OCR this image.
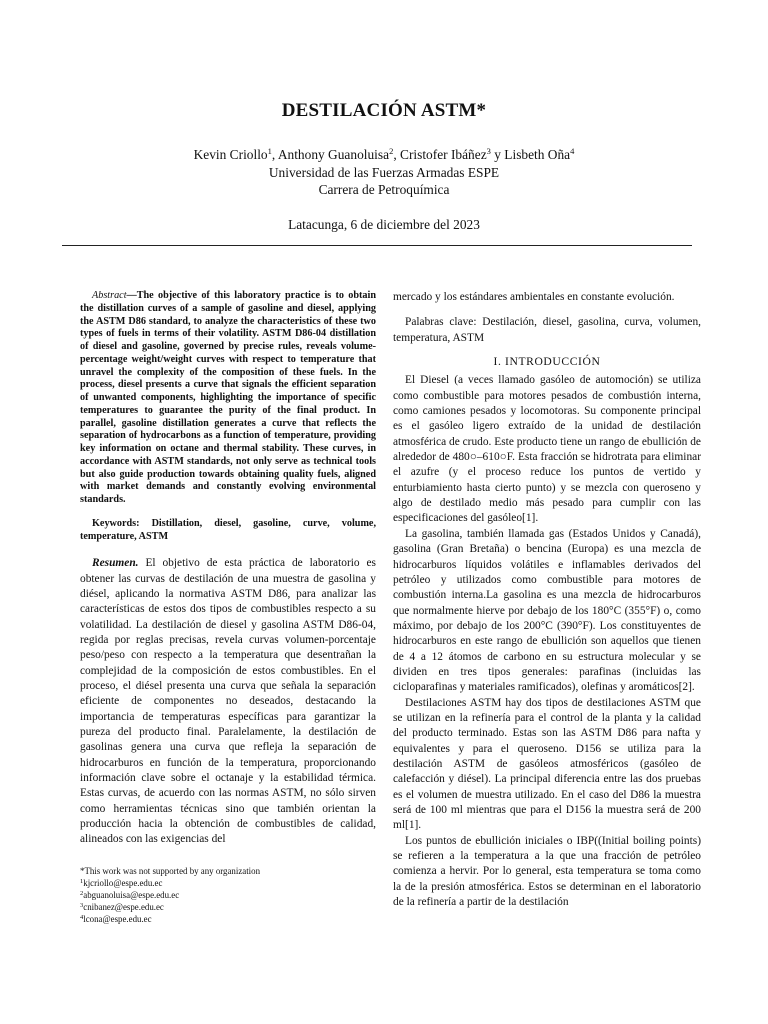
DESTILACIÓN ASTM*
Kevin Criollo$^1$, Anthony Guanoluisa$^2$, Cristofer Ibáñez$^3$ y Lisbeth Oña$^4$
Universidad de las Fuerzas Armadas ESPE
Carrera de Petroquímica
Latacunga, 6 de diciembre del 2023

Abstract—The objective of this laboratory practice is to obtain the distillation curves of a sample of gasoline and diesel, applying the ASTM D86 standard, to analyze the characteristics of these two types of fuels in terms of their volatility. ASTM D86-04 distillation of diesel and gasoline, governed by precise rules, reveals volume-percentage weight/weight curves with respect to temperature that unravel the complexity of the composition of these fuels. In the process, diesel presents a curve that signals the efficient separation of unwanted components, highlighting the importance of specific temperatures to guarantee the purity of the final product. In parallel, gasoline distillation generates a curve that reflects the separation of hydrocarbons as a function of temperature, providing key information on octane and thermal stability. These curves, in accordance with ASTM standards, not only serve as technical tools but also guide production towards obtaining quality fuels, aligned with market demands and constantly evolving environmental standards.

Keywords: Distillation, diesel, gasoline, curve, volume, temperature, ASTM

Resumen. El objetivo de esta práctica de laboratorio es obtener las curvas de destilación de una muestra de gasolina y diésel, aplicando la normativa ASTM D86, para analizar las características de estos dos tipos de combustibles respecto a su volatilidad. La destilación de diesel y gasolina ASTM D86-04, regida por reglas precisas, revela curvas volumen-porcentaje peso/peso con respecto a la temperatura que desentrañan la complejidad de la composición de estos combustibles. En el proceso, el diésel presenta una curva que señala la separación eficiente de componentes no deseados, destacando la importancia de temperaturas específicas para garantizar la pureza del producto final. Paralelamente, la destilación de gasolinas genera una curva que refleja la separación de hidrocarburos en función de la temperatura, proporcionando información clave sobre el octanaje y la estabilidad térmica. Estas curvas, de acuerdo con las normas ASTM, no sólo sirven como herramientas técnicas sino que también orientan la producción hacia la obtención de combustibles de calidad, alineados con las exigencias del

*This work was not supported by any organization
$^1$kjcriollo@espe.edu.ec
$^2$abguanoluisa@espe.edu.ec
$^3$cnibanez@espe.edu.ec
$^4$lcona@espe.edu.ec

mercado y los estándares ambientales en constante evolución.

Palabras clave: Destilación, diesel, gasolina, curva, volumen, temperatura, ASTM

I. INTRODUCCIÓN

El Diesel (a veces llamado gasóleo de automoción) se utiliza como combustible para motores pesados de combustión interna, como camiones pesados y locomotoras. Su componente principal es el gasóleo ligero extraído de la unidad de destilación atmosférica de crudo. Este producto tiene un rango de ebullición de alrededor de 480○–610○F. Esta fracción se hidrotrata para eliminar el azufre (y el proceso reduce los puntos de vertido y enturbiamiento hasta cierto punto) y se mezcla con queroseno y algo de destilado medio más pesado para cumplir con las especificaciones del gasóleo[1].

La gasolina, también llamada gas (Estados Unidos y Canadá), gasolina (Gran Bretaña) o bencina (Europa) es una mezcla de hidrocarburos líquidos volátiles e inflamables derivados del petróleo y utilizados como combustible para motores de combustión interna.La gasolina es una mezcla de hidrocarburos que normalmente hierve por debajo de los 180°C (355°F) o, como máximo, por debajo de los 200°C (390°F). Los constituyentes de hidrocarburos en este rango de ebullición son aquellos que tienen de 4 a 12 átomos de carbono en su estructura molecular y se dividen en tres tipos generales: parafinas (incluidas las cicloparafinas y materiales ramificados), olefinas y aromáticos[2].

Destilaciones ASTM hay dos tipos de destilaciones ASTM que se utilizan en la refinería para el control de la planta y la calidad del producto terminado. Estas son las ASTM D86 para nafta y equivalentes y para el queroseno. D156 se utiliza para la destilación ASTM de gasóleos atmosféricos (gasóleo de calefacción y diésel). La principal diferencia entre las dos pruebas es el volumen de muestra utilizado. En el caso del D86 la muestra será de 100 ml mientras que para el D156 la muestra será de 200 ml[1].

Los puntos de ebullición iniciales o IBP((Initial boiling points) se refieren a la temperatura a la que una fracción de petróleo comienza a hervir. Por lo general, esta temperatura se toma como la de la presión atmosférica. Estos se determinan en el laboratorio de la refinería a partir de la destilación
